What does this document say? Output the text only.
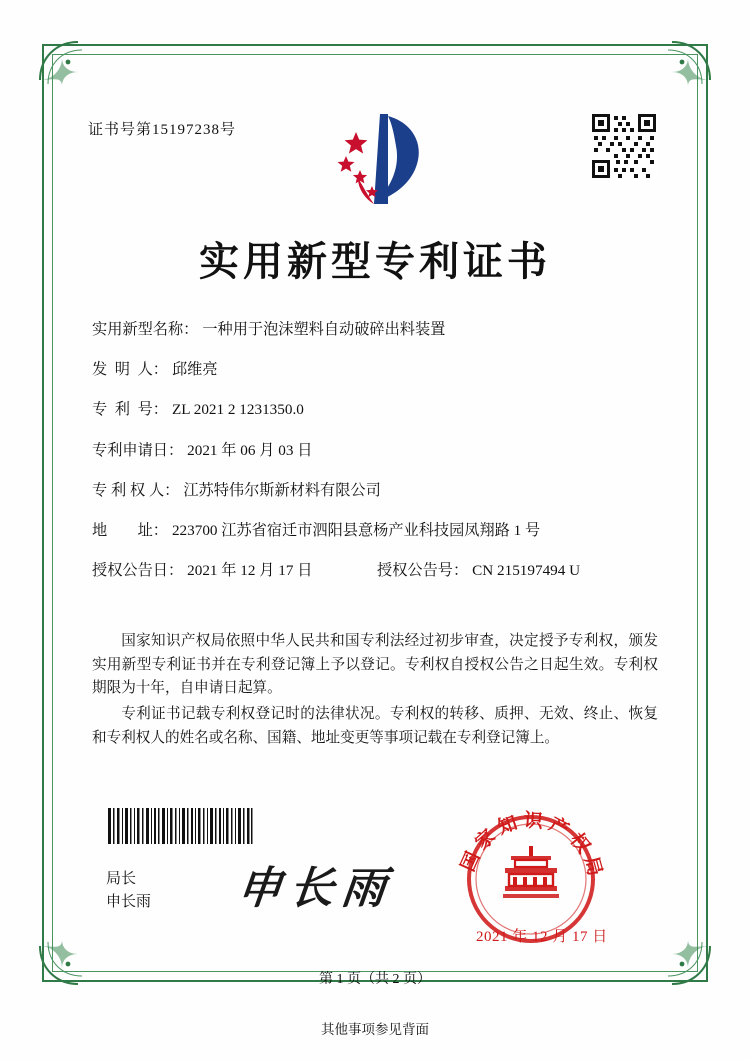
证书号第15197238号
实用新型专利证书
实用新型名称 ： 一种用于泡沫塑料自动破碎出料装置
发  明  人 ： 邱维亮
专  利  号 ： ZL 2021 2 1231350.0
专利申请日 ： 2021 年 06 月 03 日
专 利 权 人 ： 江苏特伟尔斯新材料有限公司
地        址 ： 223700 江苏省宿迁市泗阳县意杨产业科技园凤翔路 1 号
授权公告日 ： 2021 年 12 月 17 日	授权公告号 ： CN 215197494 U

国家知识产权局依照中华人民共和国专利法经过初步审查，决定授予专利权，颁发实用新型专利证书并在专利登记簿上予以登记。专利权自授权公告之日起生效。专利权期限为十年，自申请日起算。

专利证书记载专利权登记时的法律状况。专利权的转移、质押、无效、终止、恢复和专利权人的姓名或名称、国籍、地址变更等事项记载在专利登记簿上。

局长
申长雨 申长雨
国家知识产权局
2021 年 12 月 17 日
第 1 页（共 2 页）
其他事项参见背面
